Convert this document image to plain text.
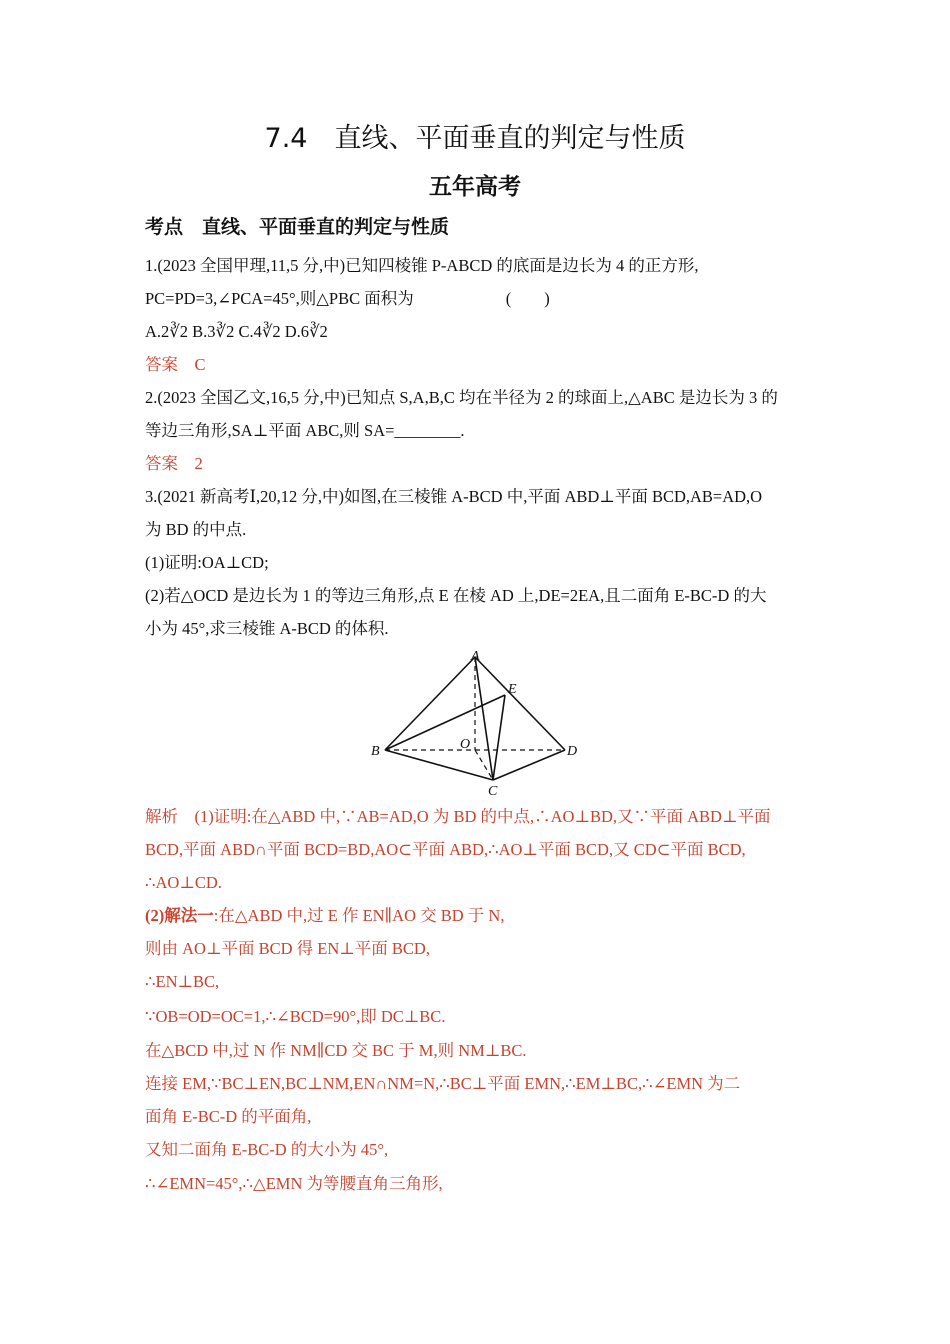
7.4　直线、平面垂直的判定与性质
五年高考
考点　直线、平面垂直的判定与性质
1.(2023 全国甲理,11,5 分,中)已知四棱锥 P-ABCD 的底面是边长为 4 的正方形,
PC=PD=3,∠PCA=45°,则△PBC 面积为	(　　)
A.2∛2 B.3∛2 C.4∛2 D.6∛2
答案　C
2.(2023 全国乙文,16,5 分,中)已知点 S,A,B,C 均在半径为 2 的球面上,△ABC 是边长为 3 的
等边三角形,SA⊥平面 ABC,则 SA=________.
答案　2
3.(2021 新高考Ⅰ,20,12 分,中)如图,在三棱锥 A-BCD 中,平面 ABD⊥平面 BCD,AB=AD,O
为 BD 的中点.
(1)证明:OA⊥CD;
(2)若△OCD 是边长为 1 的等边三角形,点 E 在棱 AD 上,DE=2EA,且二面角 E-BC-D 的大
小为 45°,求三棱锥 A-BCD 的体积.
A
E
O
B	D
C
解析　(1)证明:在△ABD 中,∵AB=AD,O 为 BD 的中点,∴AO⊥BD,又∵平面 ABD⊥平面
BCD,平面 ABD∩平面 BCD=BD,AO⊂平面 ABD,∴AO⊥平面 BCD,又 CD⊂平面 BCD,
∴AO⊥CD.
(2)解法一:在△ABD 中,过 E 作 EN∥AO 交 BD 于 N,
则由 AO⊥平面 BCD 得 EN⊥平面 BCD,
∴EN⊥BC,
∵OB=OD=OC=1,∴∠BCD=90°,即 DC⊥BC.
在△BCD 中,过 N 作 NM∥CD 交 BC 于 M,则 NM⊥BC.
连接 EM,∵BC⊥EN,BC⊥NM,EN∩NM=N,∴BC⊥平面 EMN,∴EM⊥BC,∴∠EMN 为二
面角 E-BC-D 的平面角,
又知二面角 E-BC-D 的大小为 45°,
∴∠EMN=45°,∴△EMN 为等腰直角三角形,
